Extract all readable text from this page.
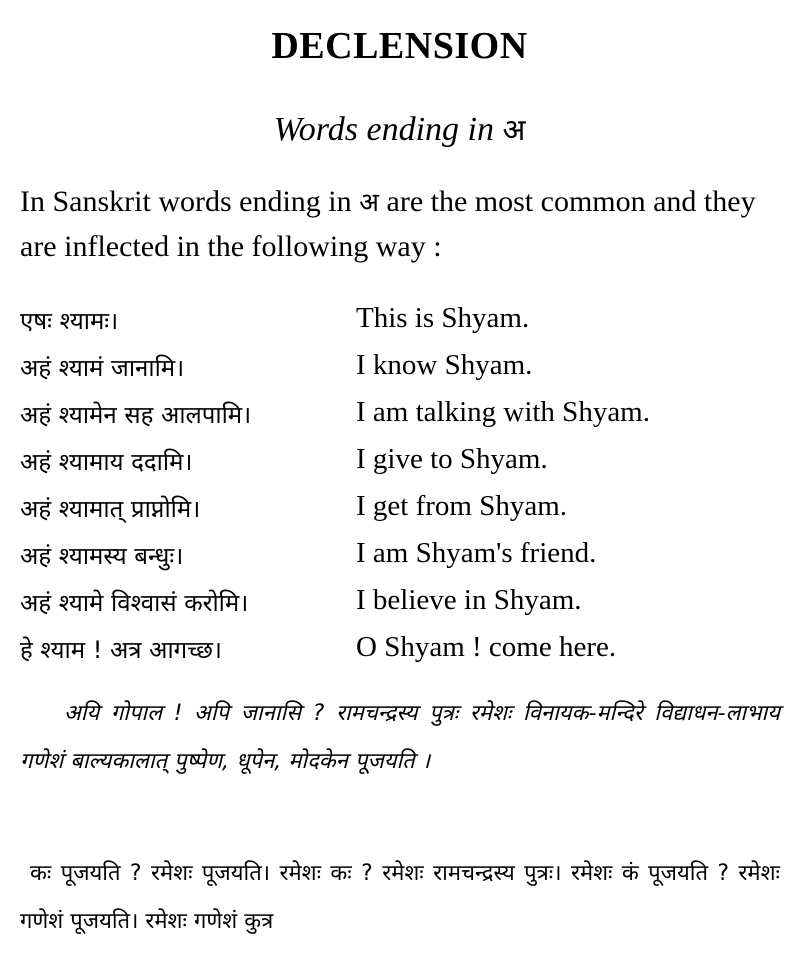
DECLENSION
Words ending in अ
In Sanskrit words ending in अ are the most common and they are inflected in the following way :
एषः श्यामः।	This is Shyam.
अहं श्यामं जानामि।	I know Shyam.
अहं श्यामेन सह आलपामि।	I am talking with Shyam.
अहं श्यामाय ददामि।	I give to Shyam.
अहं श्यामात् प्राप्नोमि।	I get from Shyam.
अहं श्यामस्य बन्धुः।	I am Shyam's friend.
अहं श्यामे विश्वासं करोमि।	I believe in Shyam.
हे श्याम ! अत्र आगच्छ।	O Shyam ! come here.
अयि गोपाल ! अपि जानासि ? रामचन्द्रस्य पुत्रः रमेशः विनायक-मन्दिरे विद्याधन-लाभाय गणेशं बाल्यकालात् पुष्पेण, धूपेन, मोदकेन पूजयति ।
कः पूजयति ? रमेशः पूजयति। रमेशः कः ? रमेशः रामचन्द्रस्य पुत्रः। रमेशः कं पूजयति ? रमेशः गणेशं पूजयति। रमेशः गणेशं कुत्र
